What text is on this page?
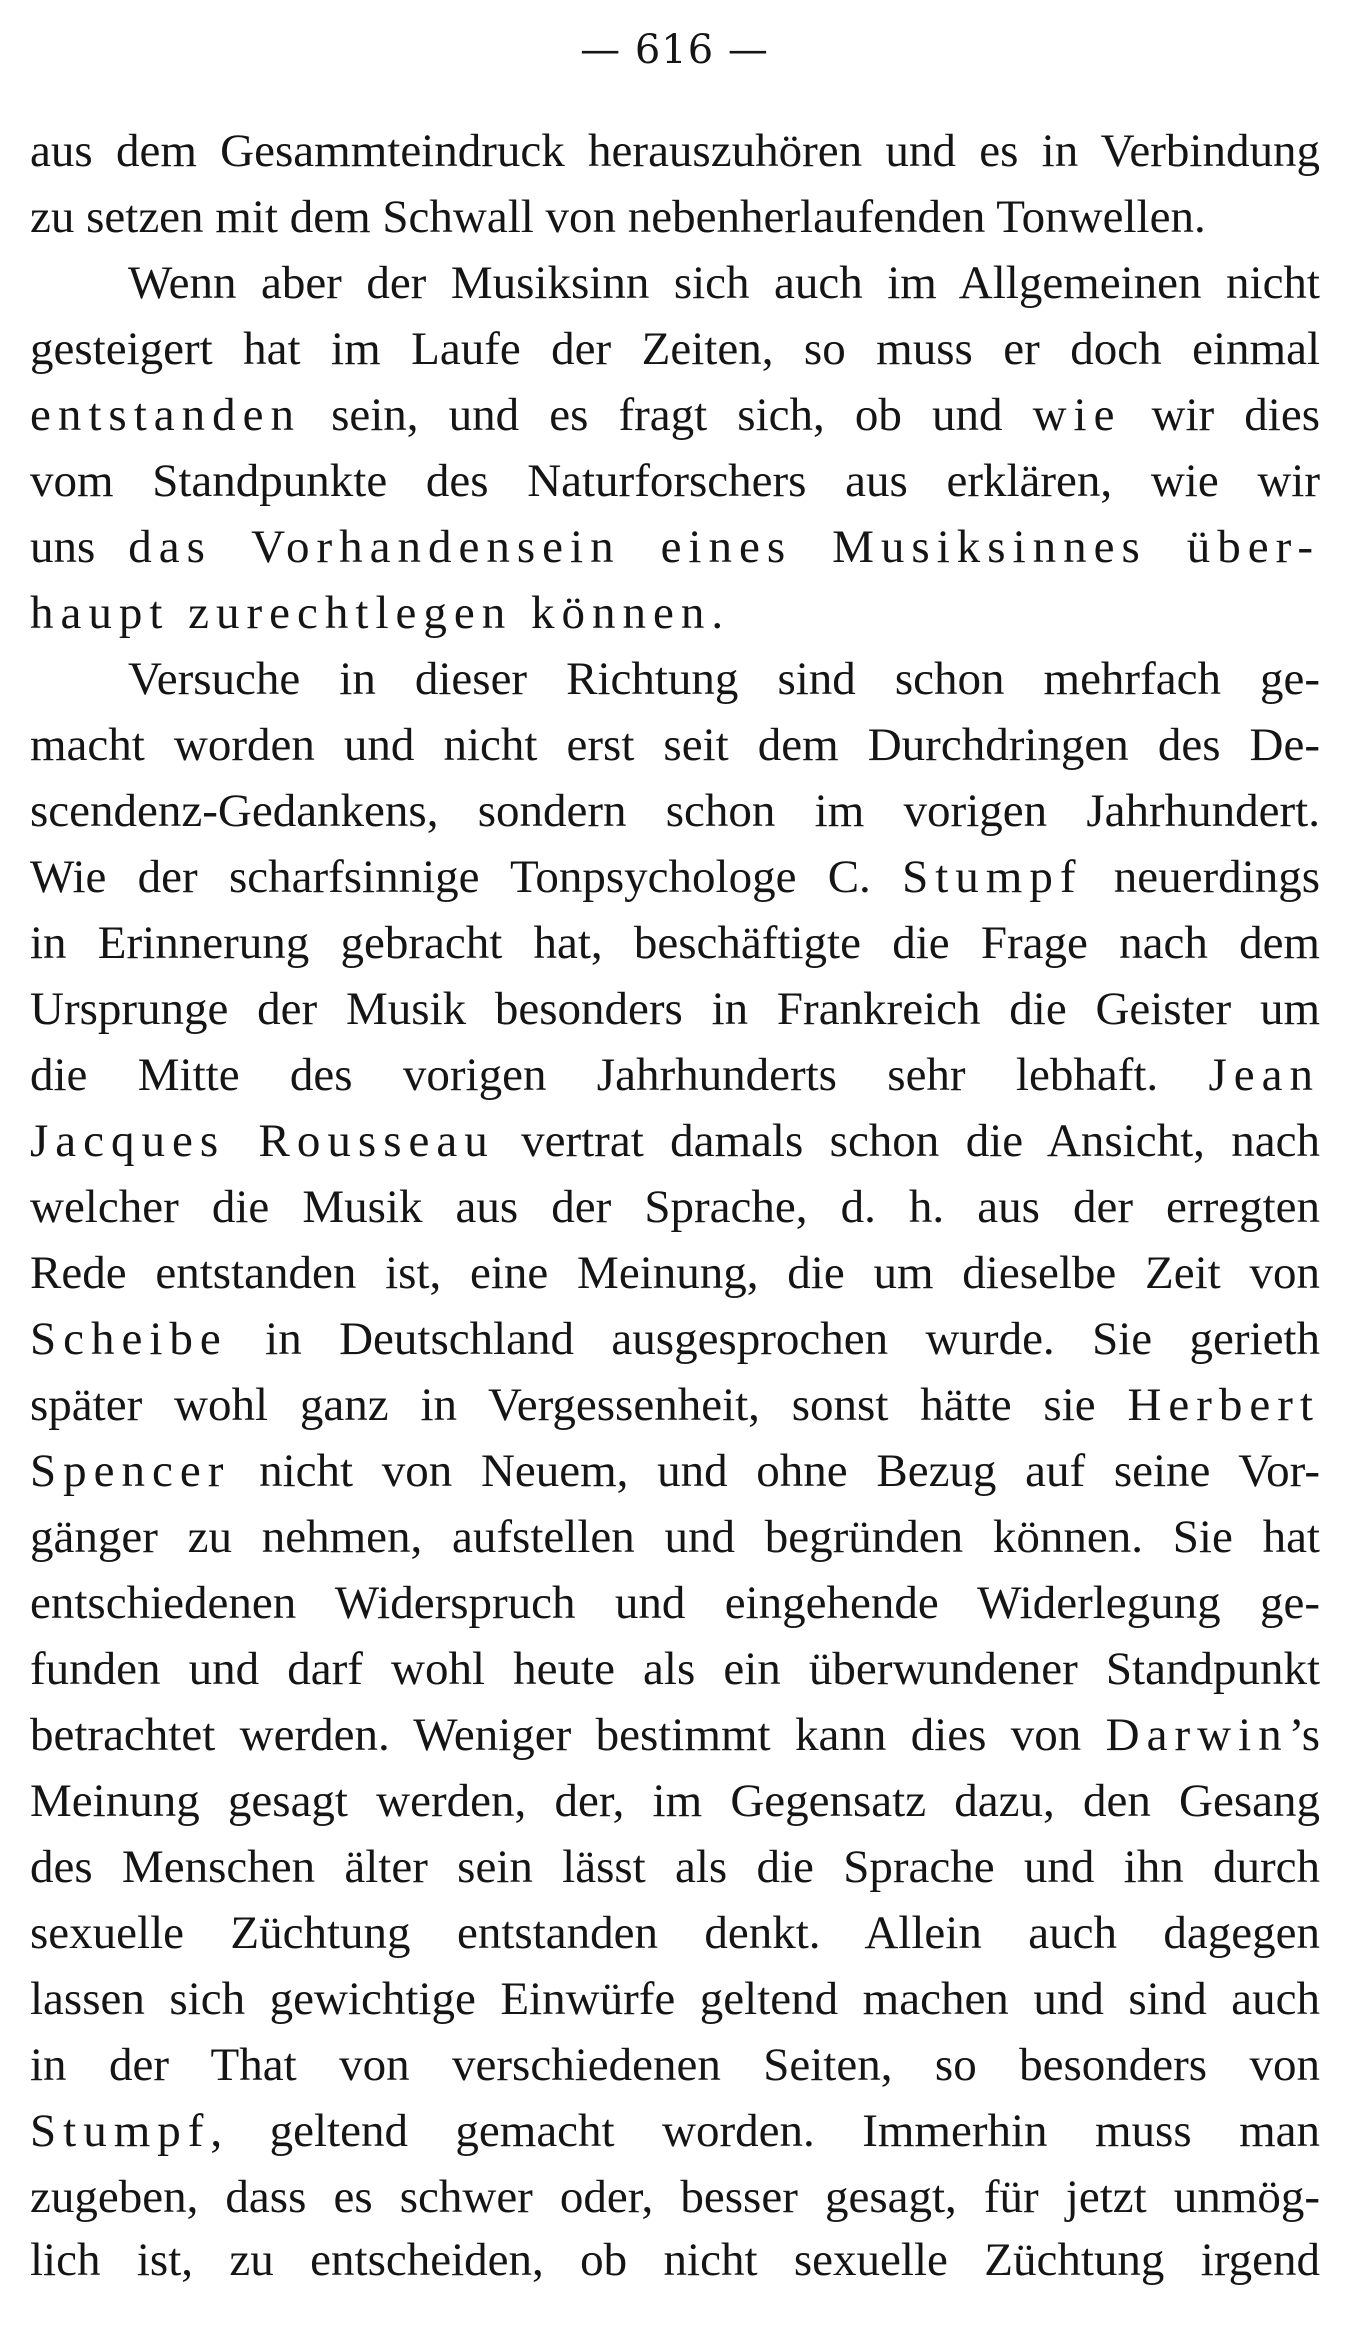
— 616 —
aus dem Gesammteindruck herauszuhören und es in Verbindung
zu setzen mit dem Schwall von nebenherlaufenden Tonwellen.
Wenn aber der Musiksinn sich auch im Allgemeinen nicht
gesteigert hat im Laufe der Zeiten, so muss er doch einmal
entstanden sein, und es fragt sich, ob und wie wir dies
vom Standpunkte des Naturforschers aus erklären, wie wir
uns das Vorhandensein eines Musiksinnes über-
haupt zurechtlegen können.
Versuche in dieser Richtung sind schon mehrfach ge-
macht worden und nicht erst seit dem Durchdringen des De-
scendenz-Gedankens, sondern schon im vorigen Jahrhundert.
Wie der scharfsinnige Tonpsychologe C. Stumpf neuerdings
in Erinnerung gebracht hat, beschäftigte die Frage nach dem
Ursprunge der Musik besonders in Frankreich die Geister um
die Mitte des vorigen Jahrhunderts sehr lebhaft. Jean
Jacques Rousseau vertrat damals schon die Ansicht, nach
welcher die Musik aus der Sprache, d. h. aus der erregten
Rede entstanden ist, eine Meinung, die um dieselbe Zeit von
Scheibe in Deutschland ausgesprochen wurde. Sie gerieth
später wohl ganz in Vergessenheit, sonst hätte sie Herbert
Spencer nicht von Neuem, und ohne Bezug auf seine Vor-
gänger zu nehmen, aufstellen und begründen können. Sie hat
entschiedenen Widerspruch und eingehende Widerlegung ge-
funden und darf wohl heute als ein überwundener Standpunkt
betrachtet werden. Weniger bestimmt kann dies von Darwin’s
Meinung gesagt werden, der, im Gegensatz dazu, den Gesang
des Menschen älter sein lässt als die Sprache und ihn durch
sexuelle Züchtung entstanden denkt. Allein auch dagegen
lassen sich gewichtige Einwürfe geltend machen und sind auch
in der That von verschiedenen Seiten, so besonders von
Stumpf, geltend gemacht worden. Immerhin muss man
zugeben, dass es schwer oder, besser gesagt, für jetzt unmög-
lich ist, zu entscheiden, ob nicht sexuelle Züchtung irgend
